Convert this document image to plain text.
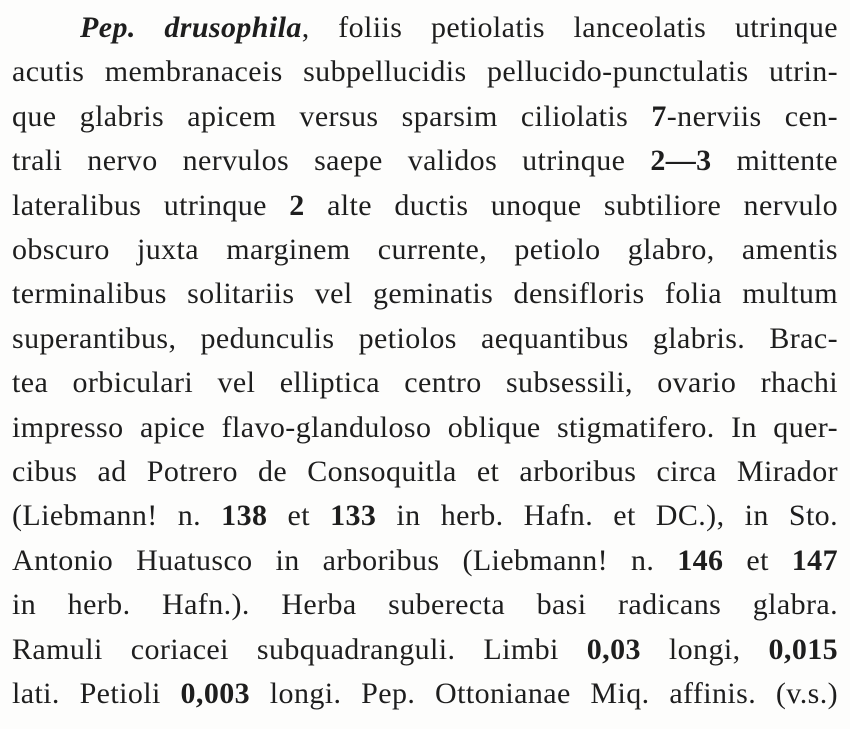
Pep. drusophila, foliis petiolatis lanceolatis utrinque
acutis membranaceis subpellucidis pellucido-punctulatis utrin-
que glabris apicem versus sparsim ciliolatis 7-nerviis cen-
trali nervo nervulos saepe validos utrinque 2—3 mittente
lateralibus utrinque 2 alte ductis unoque subtiliore nervulo
obscuro juxta marginem currente, petiolo glabro, amentis
terminalibus solitariis vel geminatis densifloris folia multum
superantibus, pedunculis petiolos aequantibus glabris. Brac-
tea orbiculari vel elliptica centro subsessili, ovario rhachi
impresso apice flavo-glanduloso oblique stigmatifero. In quer-
cibus ad Potrero de Consoquitla et arboribus circa Mirador
(Liebmann! n. 138 et 133 in herb. Hafn. et DC.), in Sto.
Antonio Huatusco in arboribus (Liebmann! n. 146 et 147
in herb. Hafn.). Herba suberecta basi radicans glabra.
Ramuli coriacei subquadranguli. Limbi 0,03 longi, 0,015
lati. Petioli 0,003 longi. Pep. Ottonianae Miq. affinis. (v.s.)
